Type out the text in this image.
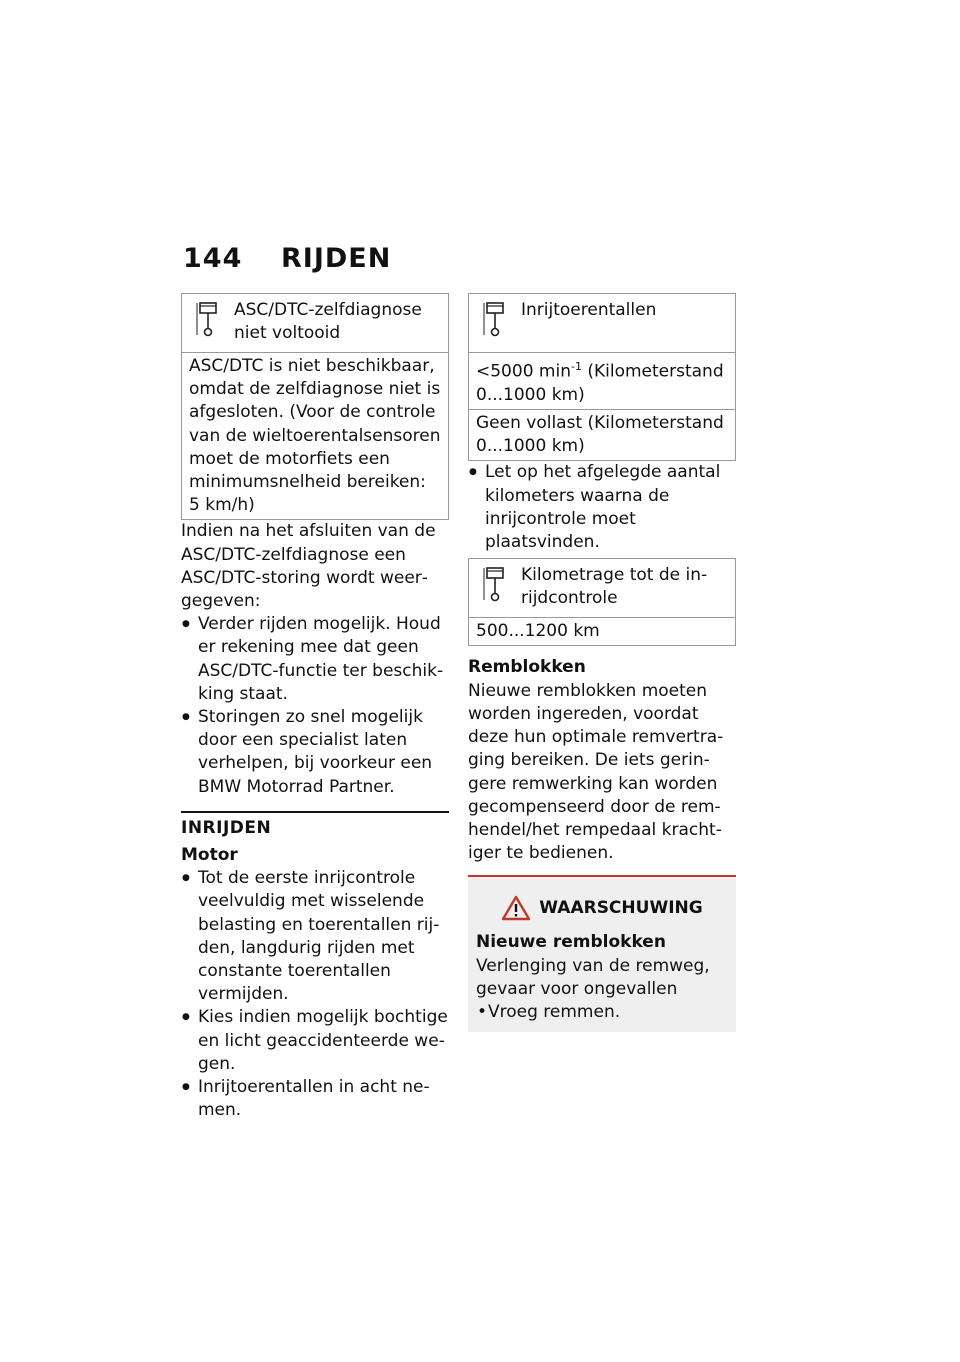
144 RIJDEN
ASC/DTC-zelfdiagnose niet voltooid
ASC/DTC is niet beschikbaar, omdat de zelfdiagnose niet is afgesloten. (Voor de controle van de wieltoerentalsensoren moet de motorfiets een minimumsnelheid bereiken: 5 km/h)

Indien na het afsluiten van de ASC/DTC-zelfdiagnose een ASC/DTC-storing wordt weergegeven:

● Verder rijden mogelijk. Houd er rekening mee dat geen ASC/DTC-functie ter beschikking staat.
● Storingen zo snel mogelijk door een specialist laten verhelpen, bij voorkeur een BMW Motorrad Partner.
INRIJDEN
Motor
● Tot de eerste inrijcontrole veelvuldig met wisselende belasting en toerentallen rijden, langdurig rijden met constante toerentallen vermijden.
● Kies indien mogelijk bochtige en licht geaccidenteerde wegen.
● Inrijtoerentallen in acht nemen.
Inrijtoerentallen
<5000 $\min^{-1}$ (Kilometerstand 0...1000 km)
Geen vollast (Kilometerstand 0...1000 km)
● Let op het afgelegde aantal kilometers waarna de inrijcontrole moet plaatsvinden.
Kilometrage tot de inrijdcontrole
500...1200 km
Remblokken

Nieuwe remblokken moeten worden ingereden, voordat deze hun optimale remvertraging bereiken. De iets geringere remwerking kan worden gecompenseerd door de remhendel/het rempedaal krachtiger te bedienen.

WAARSCHUWING
Nieuwe remblokken

Verlenging van de remweg, gevaar voor ongevallen

• Vroeg remmen.
